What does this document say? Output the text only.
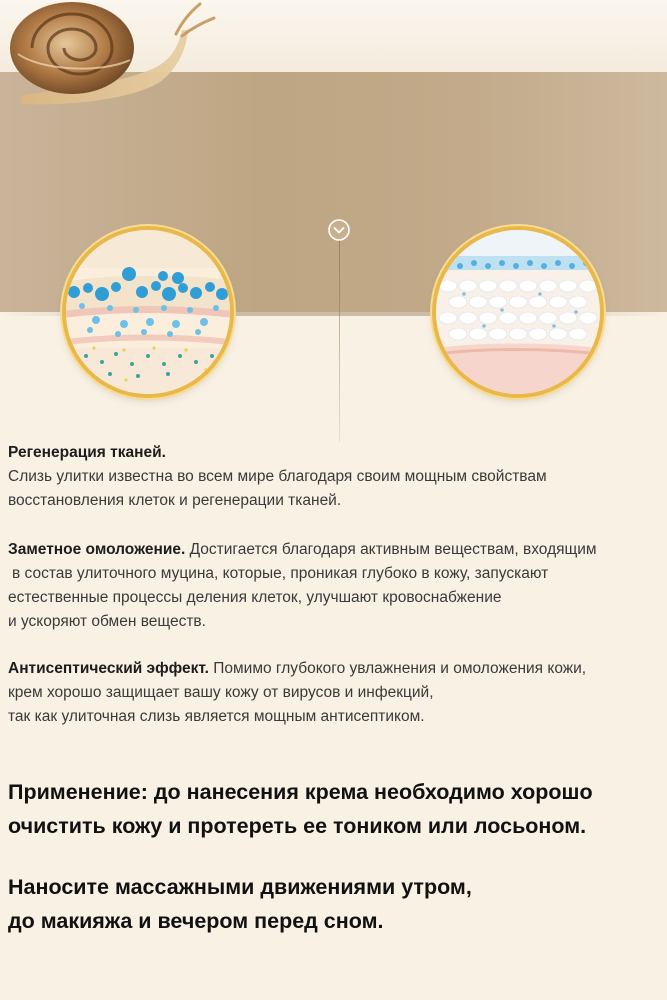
Регенерация тканей.
Слизь улитки известна во всем мире благодаря своим мощным свойствам
восстановления клеток и регенерации тканей.
Заметное омоложение. Достигается благодаря активным веществам, входящим
в состав улиточного муцина, которые, проникая глубоко в кожу, запускают
естественные процессы деления клеток, улучшают кровоснабжение
и ускоряют обмен веществ.
Антисептический эффект. Помимо глубокого увлажнения и омоложения кожи,
крем хорошо защищает вашу кожу от вирусов и инфекций,
так как улиточная слизь является мощным антисептиком.
Применение: до нанесения крема необходимо хорошо
очистить кожу и протереть ее тоником или лосьоном.
Наносите массажными движениями утром,
до макияжа и вечером перед сном.
